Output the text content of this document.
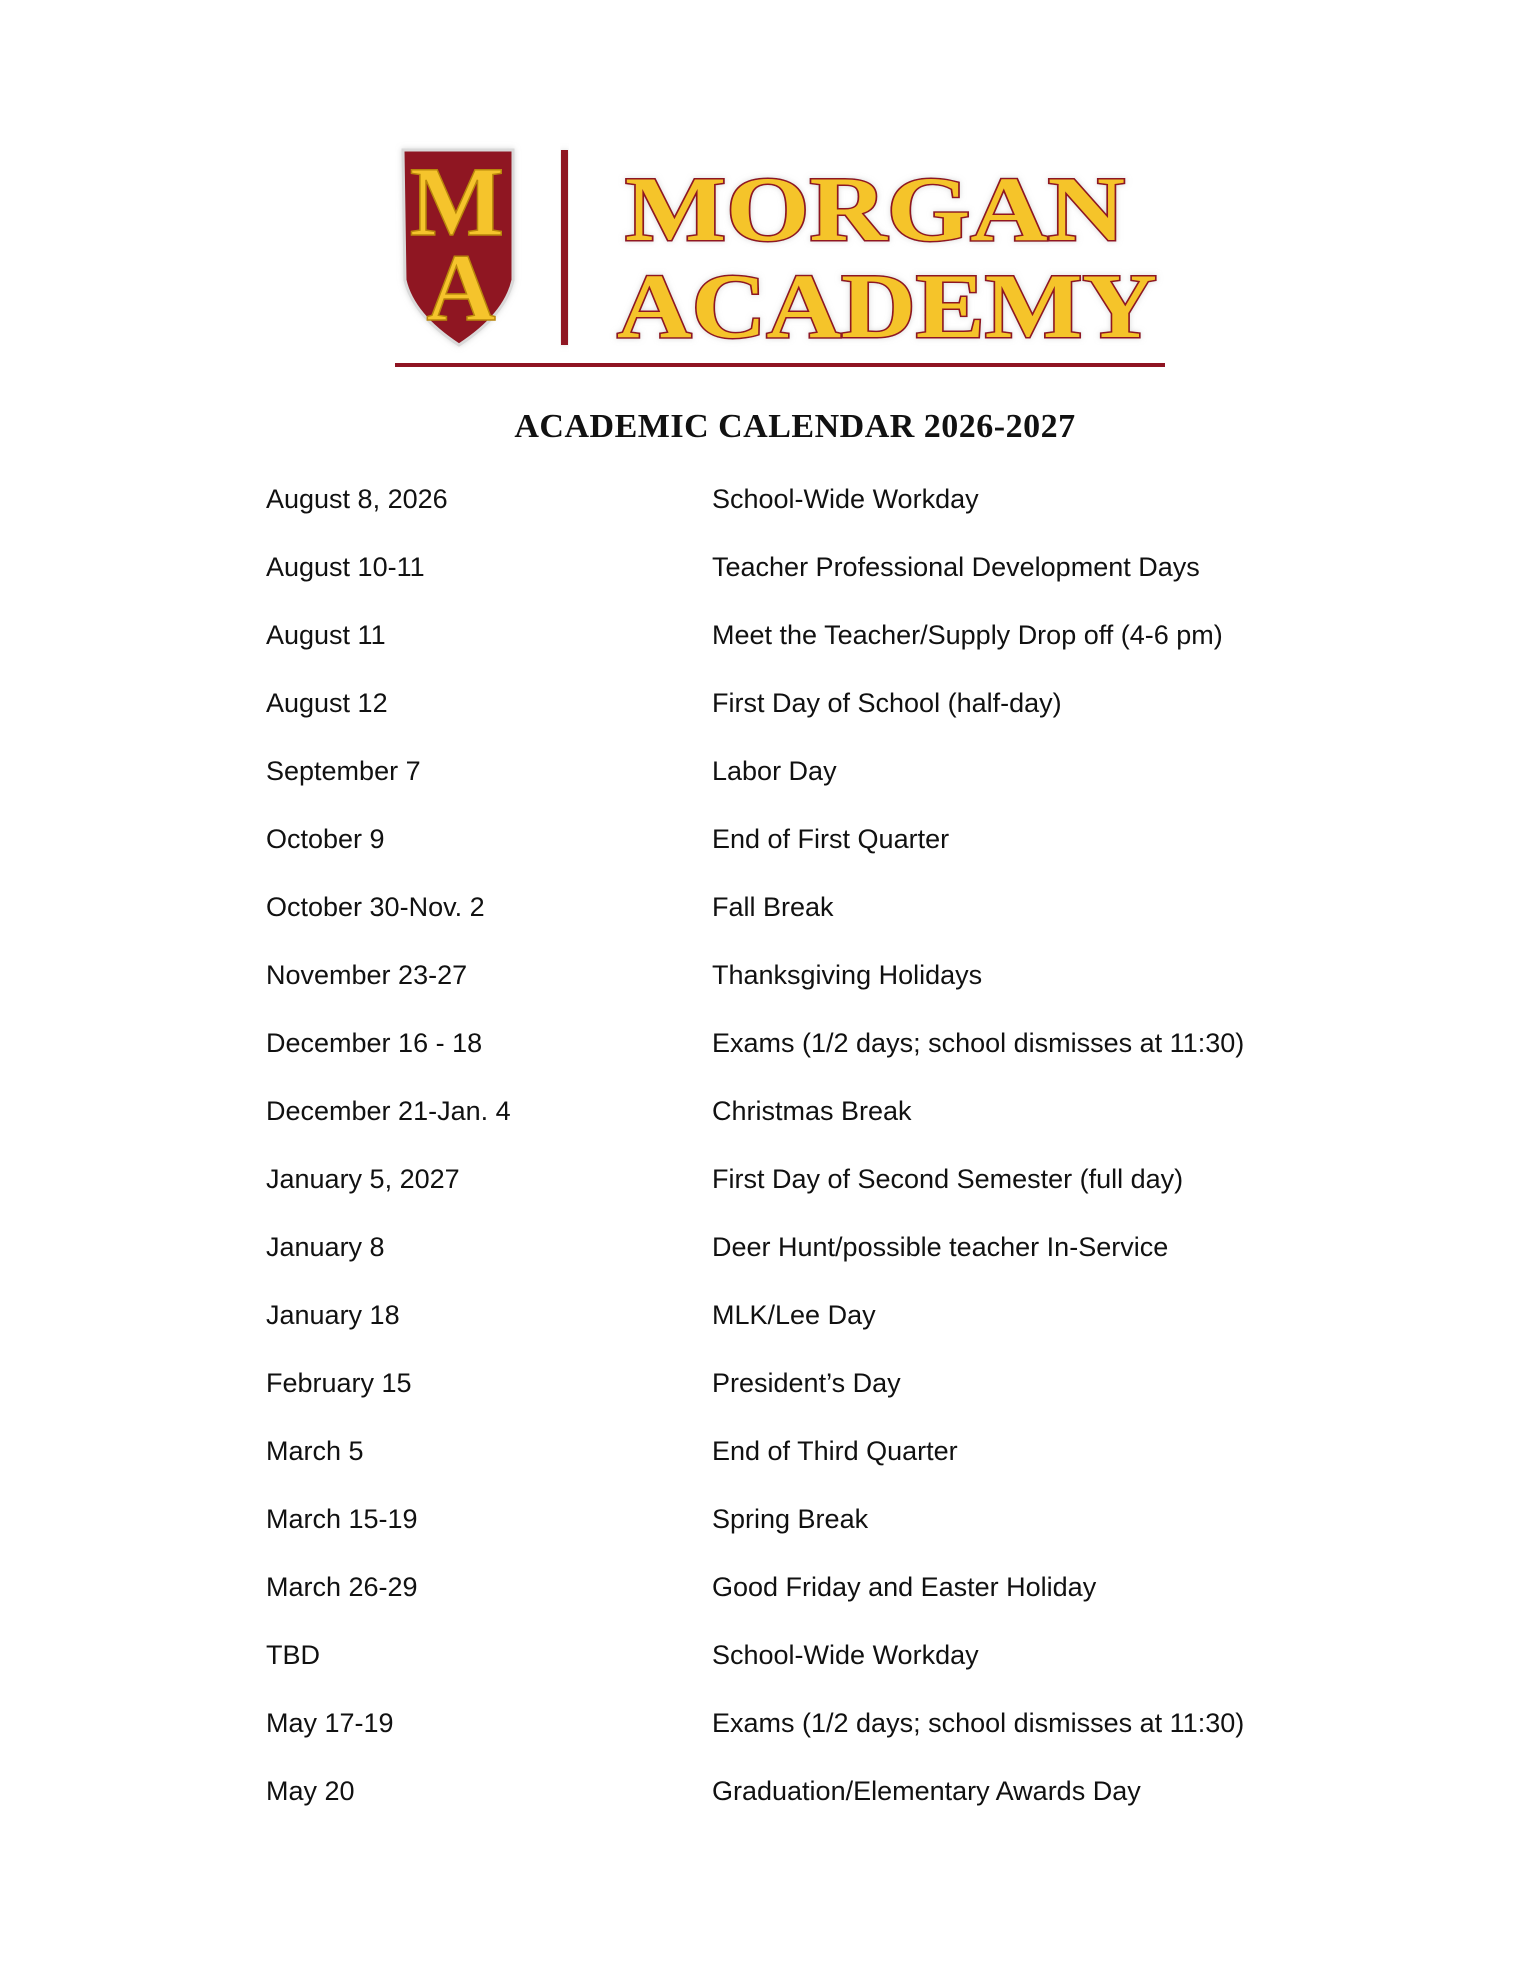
M
A
MORGAN
ACADEMY
ACADEMIC CALENDAR 2026-2027
August 8, 2026	School-Wide Workday
August 10-11	Teacher Professional Development Days
August 11	Meet the Teacher/Supply Drop off (4-6 pm)
August 12	First Day of School (half-day)
September 7	Labor Day
October 9	End of First Quarter
October 30-Nov. 2	Fall Break
November 23-27	Thanksgiving Holidays
December 16 - 18	Exams (1/2 days; school dismisses at 11:30)
December 21-Jan. 4	Christmas Break
January 5, 2027	First Day of Second Semester (full day)
January 8	Deer Hunt/possible teacher In-Service
January 18	MLK/Lee Day
February 15	President’s Day
March 5	End of Third Quarter
March 15-19	Spring Break
March 26-29	Good Friday and Easter Holiday
TBD	School-Wide Workday
May 17-19	Exams (1/2 days; school dismisses at 11:30)
May 20	Graduation/Elementary Awards Day
